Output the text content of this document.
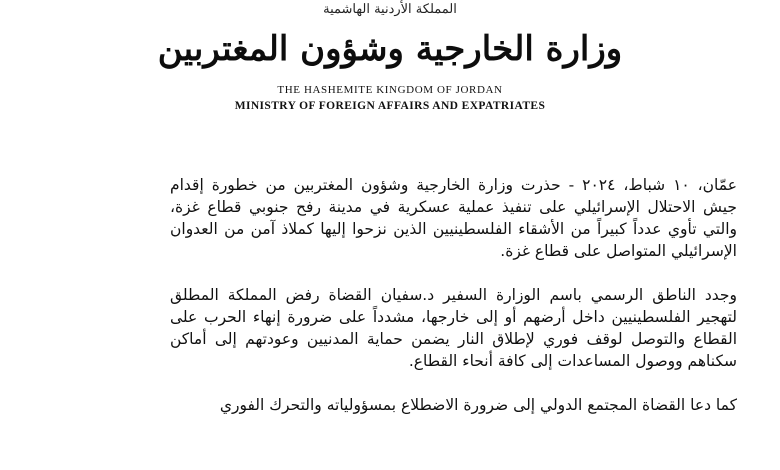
المملكة الأردنية الهاشمية
وزارة الخارجية وشؤون المغتربين
THE HASHEMITE KINGDOM OF JORDAN
MINISTRY OF FOREIGN AFFAIRS AND EXPATRIATES

عمّان، ١٠ شباط، ٢٠٢٤ - حذرت وزارة الخارجية وشؤون المغتربين من خطورة إقدام جيش الاحتلال الإسرائيلي على تنفيذ عملية عسكرية في مدينة رفح جنوبي قطاع غزة، والتي تأوي عدداً كبيراً من الأشقاء الفلسطينيين الذين نزحوا إليها كملاذ آمن من العدوان الإسرائيلي المتواصل على قطاع غزة.

وجدد الناطق الرسمي باسم الوزارة السفير د.سفيان القضاة رفض المملكة المطلق لتهجير الفلسطينيين داخل أرضهم أو إلى خارجها، مشدداً على ضرورة إنهاء الحرب على القطاع والتوصل لوقف فوري لإطلاق النار يضمن حماية المدنيين وعودتهم إلى أماكن سكناهم ووصول المساعدات إلى كافة أنحاء القطاع.

كما دعا القضاة المجتمع الدولي إلى ضرورة الاضطلاع بمسؤولياته والتحرك الفوري
